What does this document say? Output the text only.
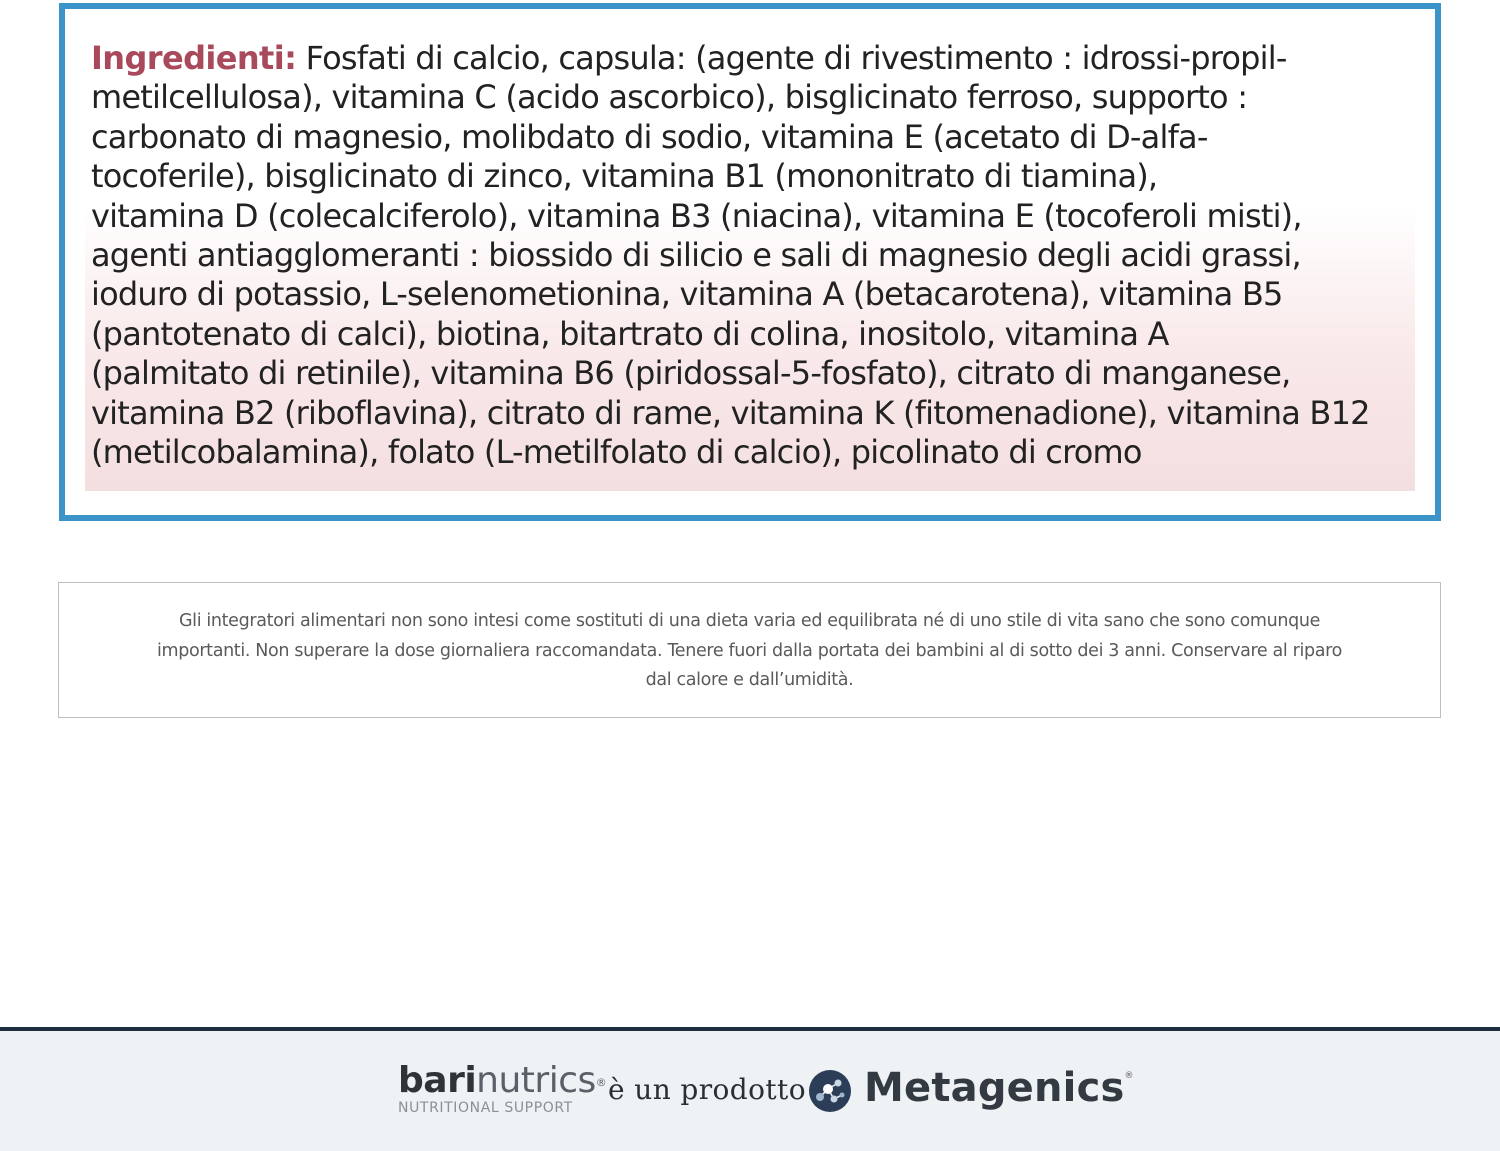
Ingredienti: Fosfati di calcio, capsula: (agente di rivestimento : idrossi-propil-
metilcellulosa), vitamina C (acido ascorbico), bisglicinato ferroso, supporto :
carbonato di magnesio, molibdato di sodio, vitamina E (acetato di D-alfa-
tocoferile), bisglicinato di zinco, vitamina B1 (mononitrato di tiamina),
vitamina D (colecalciferolo), vitamina B3 (niacina), vitamina E (tocoferoli misti),
agenti antiagglomeranti : biossido di silicio e sali di magnesio degli acidi grassi,
ioduro di potassio, L-selenometionina, vitamina A (betacarotena), vitamina B5
(pantotenato di calci), biotina, bitartrato di colina, inositolo, vitamina A
(palmitato di retinile), vitamina B6 (piridossal-5-fosfato), citrato di manganese,
vitamina B2 (riboflavina), citrato di rame, vitamina K (fitomenadione), vitamina B12
(metilcobalamina), folato (L-metilfolato di calcio), picolinato di cromo

Gli integratori alimentari non sono intesi come sostituti di una dieta varia ed equilibrata né di uno stile di vita sano che sono comunque
importanti. Non superare la dose giornaliera raccomandata. Tenere fuori dalla portata dei bambini al di sotto dei 3 anni. Conservare al riparo
dal calore e dall’umidità.
barinutrics®
NUTRITIONAL SUPPORT
è un prodotto Metagenics®
